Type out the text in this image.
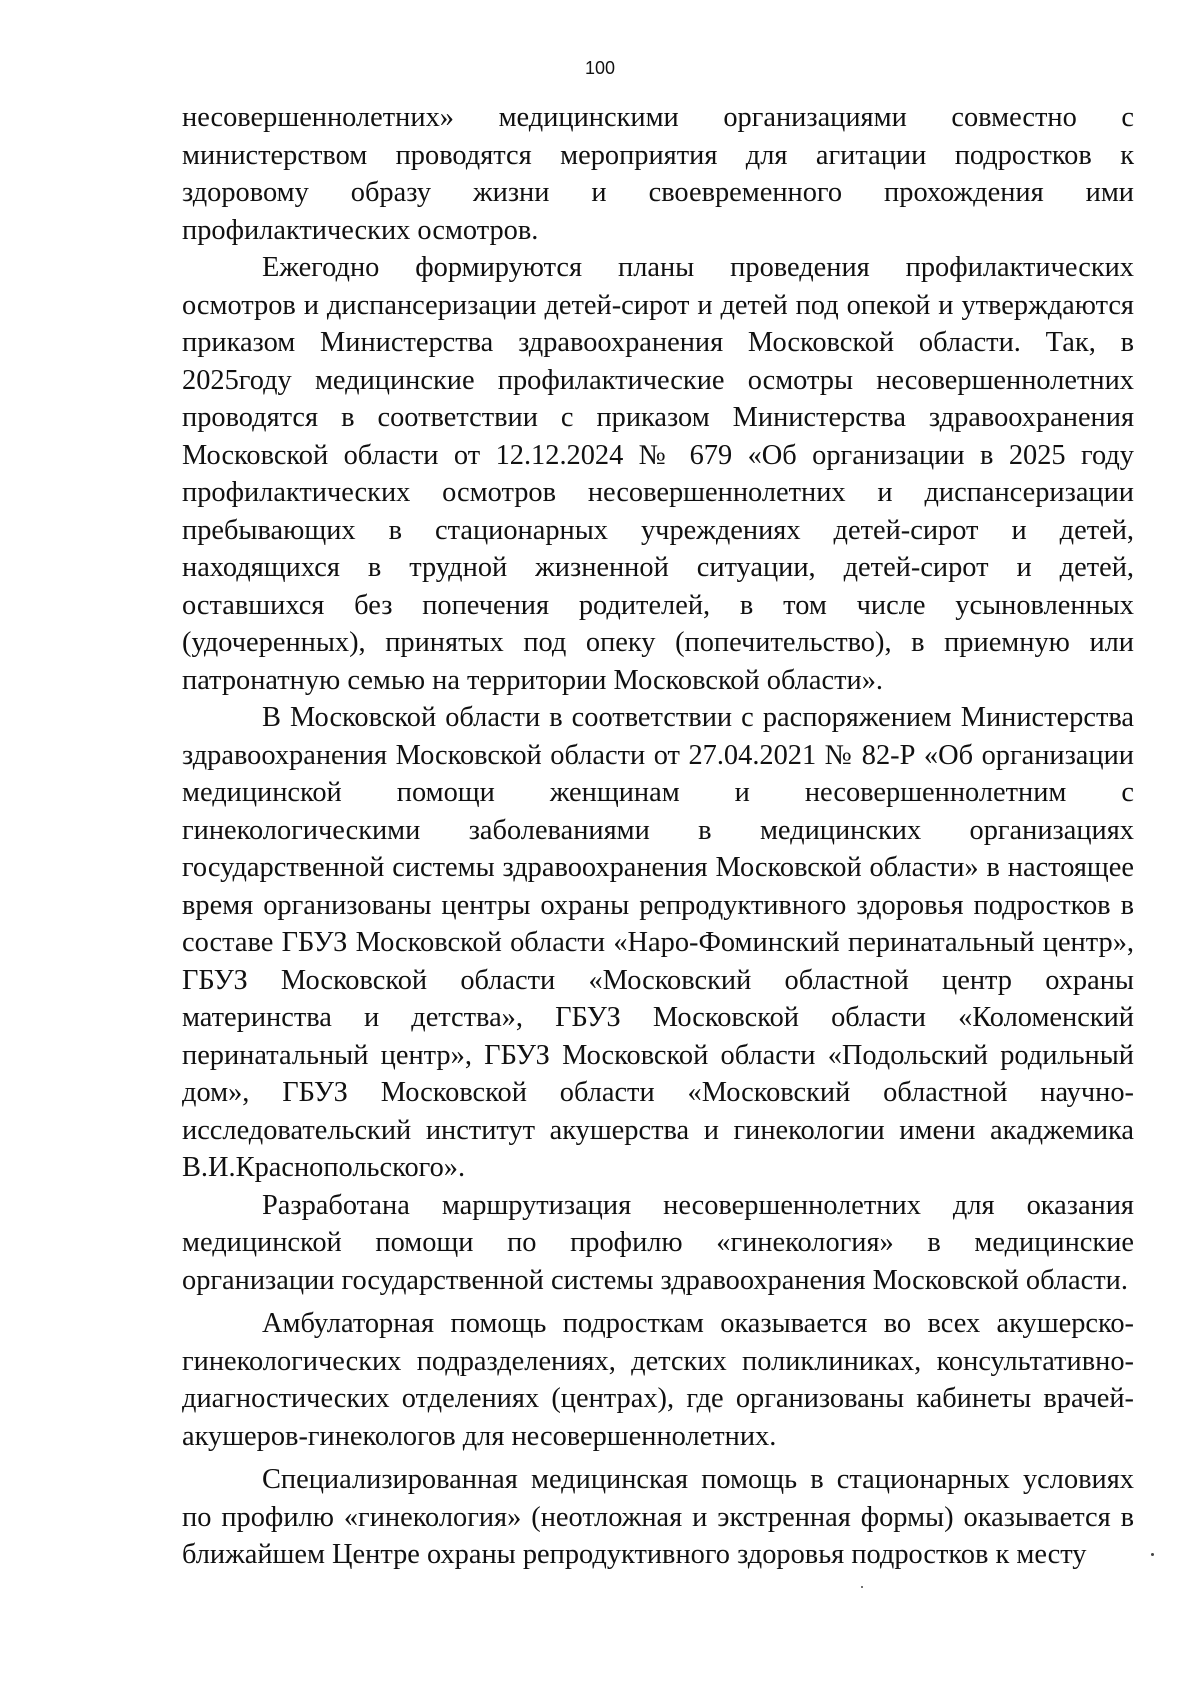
100

несовершеннолетних» медицинскими организациями совместно с министерством проводятся мероприятия для агитации подростков к здоровому образу жизни и своевременного прохождения ими профилактических осмотров.

Ежегодно формируются планы проведения профилактических осмотров и диспансеризации детей-сирот и детей под опекой и утверждаются приказом Министерства здравоохранения Московской области. Так, в 2025году медицинские профилактические осмотры несовершеннолетних проводятся в соответствии с приказом Министерства здравоохранения Московской области от 12.12.2024 № 679 «Об организации в 2025 году профилактических осмотров несовершеннолетних и диспансеризации пребывающих в стационарных учреждениях детей-сирот и детей, находящихся в трудной жизненной ситуации, детей-сирот и детей, оставшихся без попечения родителей, в том числе усыновленных (удочеренных), принятых под опеку (попечительство), в приемную или патронатную семью на территории Московской области».

В Московской области в соответствии с распоряжением Министерства здравоохранения Московской области от 27.04.2021 № 82-Р «Об организации медицинской помощи женщинам и несовершеннолетним с гинекологическими заболеваниями в медицинских организациях государственной системы здравоохранения Московской области» в настоящее время организованы центры охраны репродуктивного здоровья подростков в составе ГБУЗ Московской области «Наро-Фоминский перинатальный центр», ГБУЗ Московской области «Московский областной центр охраны материнства и детства», ГБУЗ Московской области «Коломенский перинатальный центр», ГБУЗ Московской области «Подольский родильный дом», ГБУЗ Московской области «Московский областной научно-исследовательский институт акушерства и гинекологии имени акаджемика В.И.Краснопольского».

Разработана маршрутизация несовершеннолетних для оказания медицинской помощи по профилю «гинекология» в медицинские организации государственной системы здравоохранения Московской области.

Амбулаторная помощь подросткам оказывается во всех акушерско-гинекологических подразделениях, детских поликлиниках, консультативно-диагностических отделениях (центрах), где организованы кабинеты врачей-акушеров-гинекологов для несовершеннолетних.

Специализированная медицинская помощь в стационарных условиях по профилю «гинекология» (неотложная и экстренная формы) оказывается в ближайшем Центре охраны репродуктивного здоровья подростков к месту
